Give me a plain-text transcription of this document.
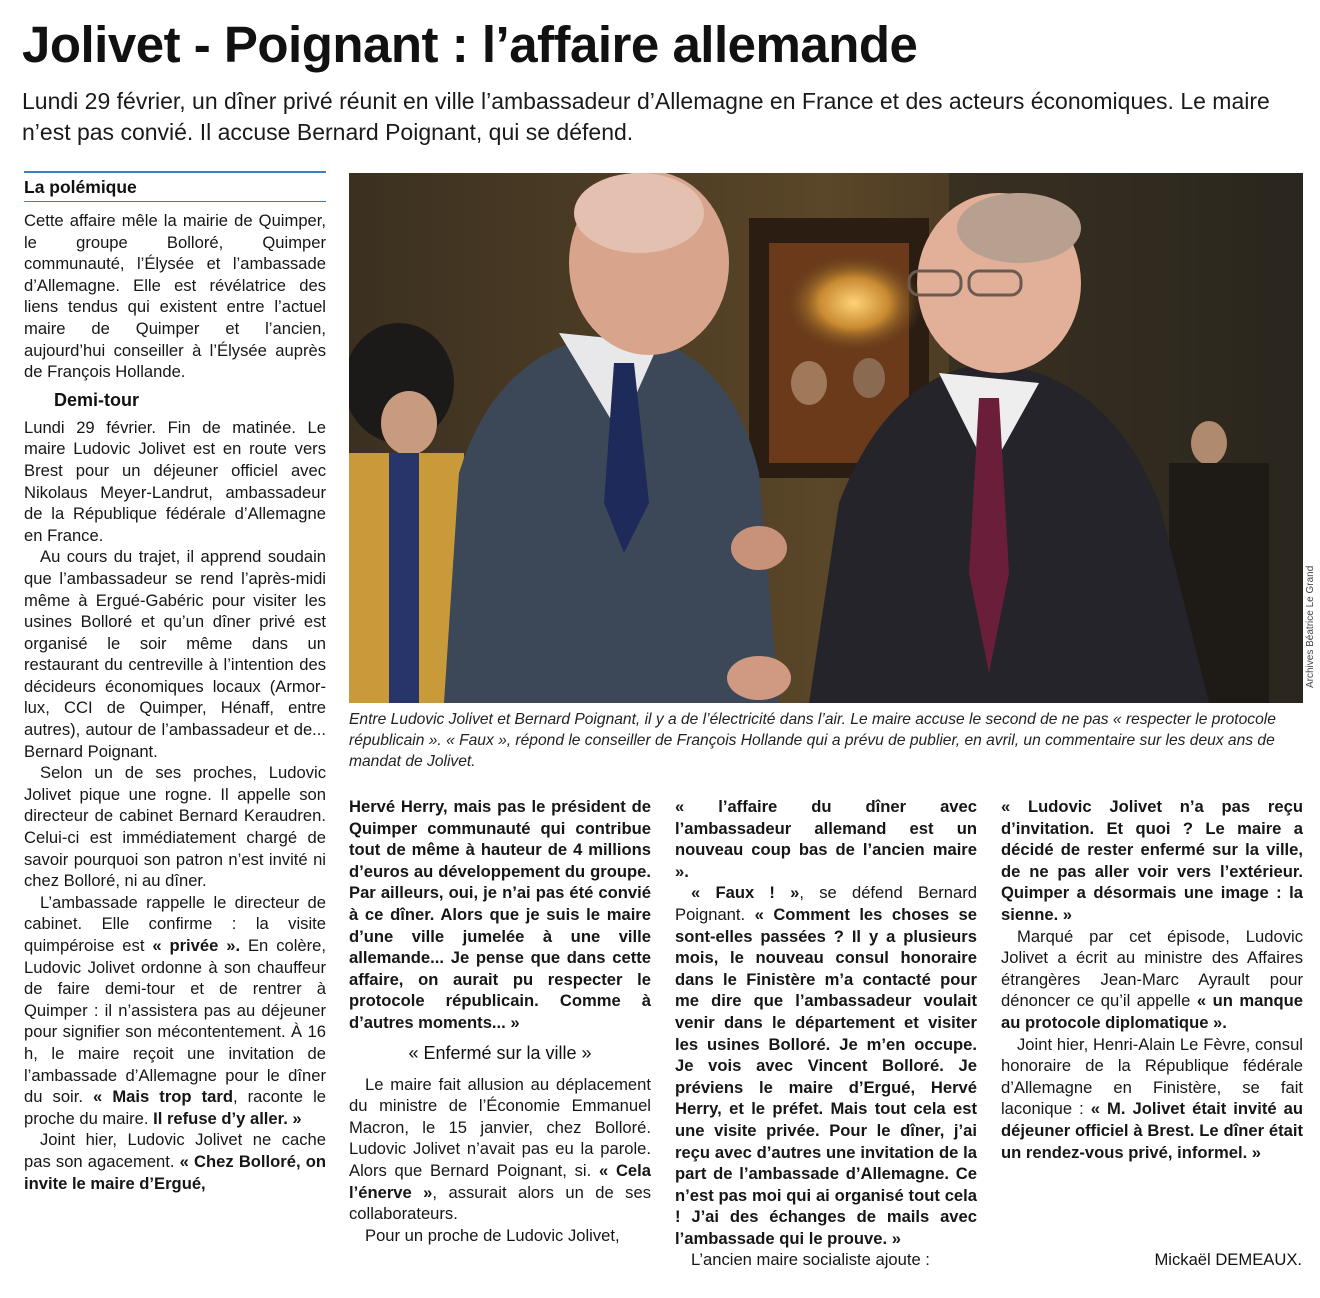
Jolivet - Poignant : l’affaire allemande

Lundi 29 février, un dîner privé réunit en ville l’ambassadeur d’Allemagne en France et des acteurs économiques. Le maire n’est pas convié. Il accuse Bernard Poignant, qui se défend.

La polémique

Cette affaire mêle la mairie de Quimper, le groupe Bolloré, Quimper communauté, l’Élysée et l’ambassade d’Allemagne. Elle est révélatrice des liens tendus qui existent entre l’actuel maire de Quimper et l’ancien, aujourd’hui conseiller à l’Élysée auprès de François Hollande.

Demi-tour

Lundi 29 février. Fin de matinée. Le maire Ludovic Jolivet est en route vers Brest pour un déjeuner officiel avec Nikolaus Meyer-Landrut, ambassadeur de la République fédérale d’Allemagne en France.

Au cours du trajet, il apprend soudain que l’ambassadeur se rend l’après-midi même à Ergué-Gabéric pour visiter les usines Bolloré et qu’un dîner privé est organisé le soir même dans un restaurant du centreville à l’intention des décideurs économiques locaux (Armor-lux, CCI de Quimper, Hénaff, entre autres), autour de l’ambassadeur et de... Bernard Poignant.

Selon un de ses proches, Ludovic Jolivet pique une rogne. Il appelle son directeur de cabinet Bernard Keraudren. Celui-ci est immédiatement chargé de savoir pourquoi son patron n’est invité ni chez Bolloré, ni au dîner.

L’ambassade rappelle le directeur de cabinet. Elle confirme : la visite quimpéroise est « privée ». En colère, Ludovic Jolivet ordonne à son chauffeur de faire demi-tour et de rentrer à Quimper : il n’assistera pas au déjeuner pour signifier son mécontentement. À 16 h, le maire reçoit une invitation de l’ambassade d’Allemagne pour le dîner du soir. « Mais trop tard, raconte le proche du maire. Il refuse d’y aller. »

Joint hier, Ludovic Jolivet ne cache pas son agacement. « Chez Bolloré, on invite le maire d’Ergué,

Archives Béatrice Le Grand

Entre Ludovic Jolivet et Bernard Poignant, il y a de l’électricité dans l’air. Le maire accuse le second de ne pas « respecter le protocole républicain ». « Faux », répond le conseiller de François Hollande qui a prévu de publier, en avril, un commentaire sur les deux ans de mandat de Jolivet.

Hervé Herry, mais pas le président de Quimper communauté qui contribue tout de même à hauteur de 4 millions d’euros au développement du groupe. Par ailleurs, oui, je n’ai pas été convié à ce dîner. Alors que je suis le maire d’une ville jumelée à une ville allemande... Je pense que dans cette affaire, on aurait pu respecter le protocole républicain. Comme à d’autres moments... »

« Enfermé sur la ville »

Le maire fait allusion au déplacement du ministre de l’Économie Emmanuel Macron, le 15 janvier, chez Bolloré. Ludovic Jolivet n’avait pas eu la parole. Alors que Bernard Poignant, si. « Cela l’énerve », assurait alors un de ses collaborateurs.

Pour un proche de Ludovic Jolivet,

« l’affaire du dîner avec l’ambassadeur allemand est un nouveau coup bas de l’ancien maire ».

« Faux ! », se défend Bernard Poignant. « Comment les choses se sont-elles passées ? Il y a plusieurs mois, le nouveau consul honoraire dans le Finistère m’a contacté pour me dire que l’ambassadeur voulait venir dans le département et visiter les usines Bolloré. Je m’en occupe. Je vois avec Vincent Bolloré. Je préviens le maire d’Ergué, Hervé Herry, et le préfet. Mais tout cela est une visite privée. Pour le dîner, j’ai reçu avec d’autres une invitation de la part de l’ambassade d’Allemagne. Ce n’est pas moi qui ai organisé tout cela ! J’ai des échanges de mails avec l’ambassade qui le prouve. »

L’ancien maire socialiste ajoute :

« Ludovic Jolivet n’a pas reçu d’invitation. Et quoi ? Le maire a décidé de rester enfermé sur la ville, de ne pas aller voir vers l’extérieur. Quimper a désormais une image : la sienne. »

Marqué par cet épisode, Ludovic Jolivet a écrit au ministre des Affaires étrangères Jean-Marc Ayrault pour dénoncer ce qu’il appelle « un manque au protocole diplomatique ».

Joint hier, Henri-Alain Le Fèvre, consul honoraire de la République fédérale d’Allemagne en Finistère, se fait laconique : « M. Jolivet était invité au déjeuner officiel à Brest. Le dîner était un rendez-vous privé, informel. »

Mickaël DEMEAUX.
